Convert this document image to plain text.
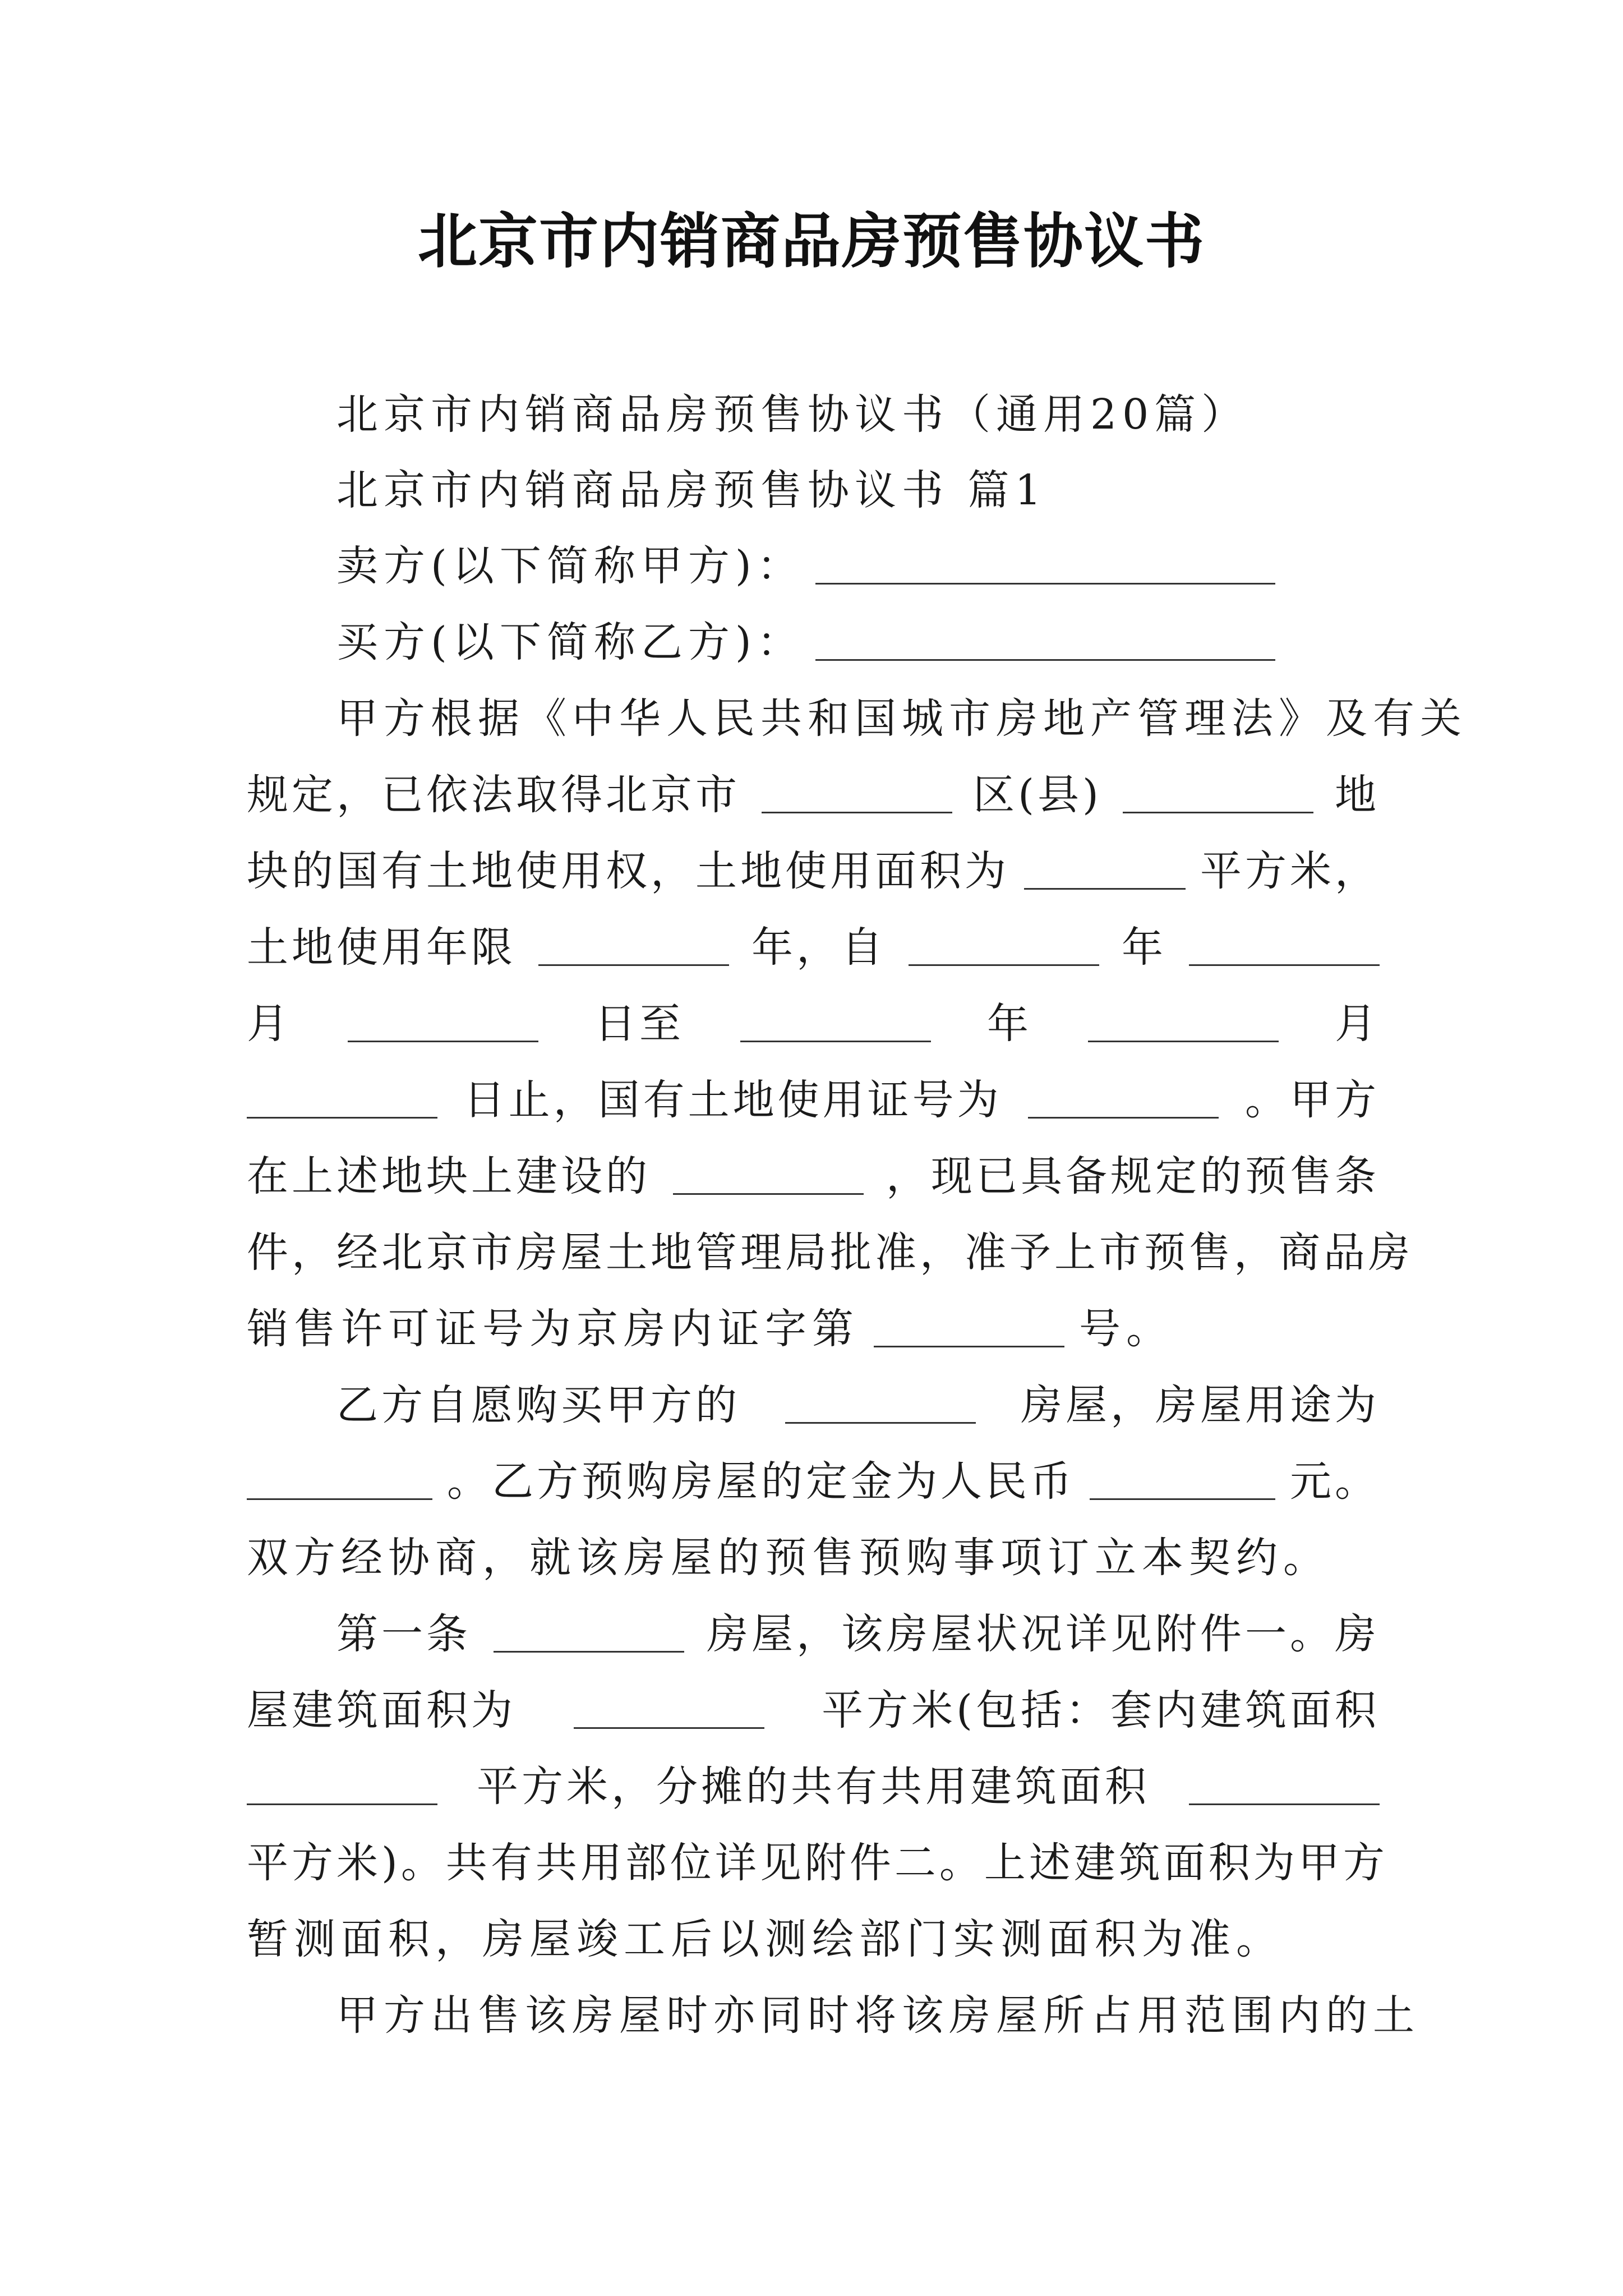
北京市内销商品房预售协议书
北京市内销商品房预售协议书（通用20篇）
北京市内销商品房预售协议书 篇1
卖方(以下简称甲方)：
买方(以下简称乙方)：
甲方根据《中华人民共和国城市房地产管理法》及有关
规定，已依法取得北京市	区(县)	地
块的国有土地使用权，土地使用面积为	平方米，
土地使用年限	年，自	年
月	日至	年	月
日止，国有土地使用证号为	。甲方
在上述地块上建设的	，现已具备规定的预售条
件，经北京市房屋土地管理局批准，准予上市预售，商品房
销售许可证号为京房内证字第	号。
乙方自愿购买甲方的	房屋，房屋用途为
。乙方预购房屋的定金为人民币	元。
双方经协商，就该房屋的预售预购事项订立本契约。
第一条	房屋，该房屋状况详见附件一。房
屋建筑面积为	平方米(包括：套内建筑面积
平方米，分摊的共有共用建筑面积
平方米)。共有共用部位详见附件二。上述建筑面积为甲方
暂测面积，房屋竣工后以测绘部门实测面积为准。
甲方出售该房屋时亦同时将该房屋所占用范围内的土
